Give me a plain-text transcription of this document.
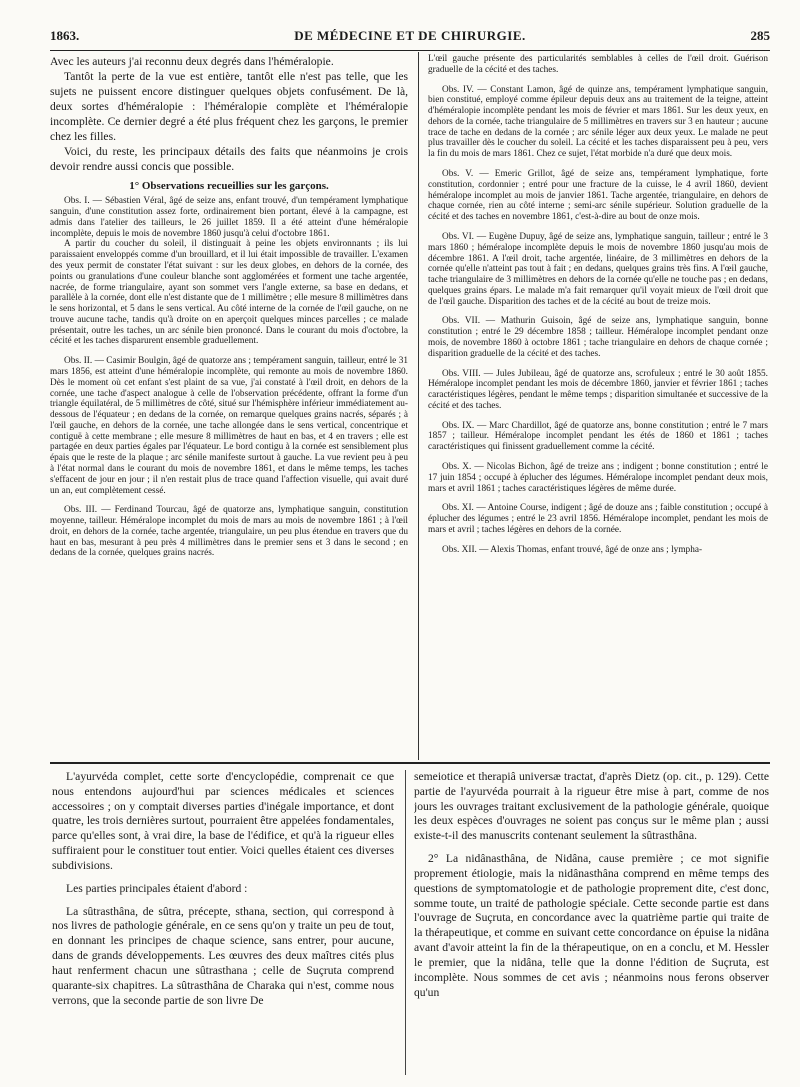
1863.	DE MÉDECINE ET DE CHIRURGIE.	285

Avec les auteurs j'ai reconnu deux degrés dans l'héméralopie.

Tantôt la perte de la vue est entière, tantôt elle n'est pas telle, que les sujets ne puissent encore distinguer quelques objets confusément. De là, deux sortes d'héméralopie : l'héméralopie complète et l'héméralopie incomplète. Ce dernier degré a été plus fréquent chez les garçons, le premier chez les filles.

Voici, du reste, les principaux détails des faits que néanmoins je crois devoir rendre aussi concis que possible.

1° Observations recueillies sur les garçons.

Obs. I. — Sébastien Véral, âgé de seize ans, enfant trouvé, d'un tempérament lymphatique sanguin, d'une constitution assez forte, ordinairement bien portant, élevé à la campagne, est admis dans l'atelier des tailleurs, le 26 juillet 1859. Il a été atteint d'une héméralopie incomplète, depuis le mois de novembre 1860 jusqu'à celui d'octobre 1861.

A partir du coucher du soleil, il distinguait à peine les objets environnants ; ils lui paraissaient enveloppés comme d'un brouillard, et il lui était impossible de travailler. L'examen des yeux permit de constater l'état suivant : sur les deux globes, en dehors de la cornée, des points ou granulations d'une couleur blanche sont agglomérées et forment une tache argentée, nacrée, de forme triangulaire, ayant son sommet vers l'angle externe, sa base en dedans, et parallèle à la cornée, dont elle n'est distante que de 1 millimètre ; elle mesure 8 millimètres dans le sens horizontal, et 5 dans le sens vertical. Au côté interne de la cornée de l'œil gauche, on ne trouve aucune tache, tandis qu'à droite on en aperçoit quelques minces parcelles ; ce malade présentait, outre les taches, un arc sénile bien prononcé. Dans le courant du mois d'octobre, la cécité et les taches disparurent ensemble graduellement.

Obs. II. — Casimir Boulgin, âgé de quatorze ans ; tempérament sanguin, tailleur, entré le 31 mars 1856, est atteint d'une héméralopie incomplète, qui remonte au mois de novembre 1860. Dès le moment où cet enfant s'est plaint de sa vue, j'ai constaté à l'œil droit, en dehors de la cornée, une tache d'aspect analogue à celle de l'observation précédente, offrant la forme d'un triangle équilatéral, de 5 millimètres de côté, situé sur l'hémisphère inférieur immédiatement au-dessous de l'équateur ; en dedans de la cornée, on remarque quelques grains nacrés, séparés ; à l'œil gauche, en dehors de la cornée, une tache allongée dans le sens vertical, concentrique et contiguë à cette membrane ; elle mesure 8 millimètres de haut en bas, et 4 en travers ; elle est partagée en deux parties égales par l'équateur. Le bord contigu à la cornée est sensiblement plus épais que le reste de la plaque ; arc sénile manifeste surtout à gauche. La vue revient peu à peu à l'état normal dans le courant du mois de novembre 1861, et dans le même temps, les taches s'effacent de jour en jour ; il n'en restait plus de trace quand l'affection visuelle, qui avait duré un an, eut complètement cessé.

Obs. III. — Ferdinand Tourcau, âgé de quatorze ans, lymphatique sanguin, constitution moyenne, tailleur. Héméralope incomplet du mois de mars au mois de novembre 1861 ; à l'œil droit, en dehors de la cornée, tache argentée, triangulaire, un peu plus étendue en travers que du haut en bas, mesurant à peu près 4 millimètres dans le premier sens et 3 dans le second ; en dedans de la cornée, quelques grains nacrés.

L'œil gauche présente des particularités semblables à celles de l'œil droit. Guérison graduelle de la cécité et des taches.

Obs. IV. — Constant Lamon, âgé de quinze ans, tempérament lymphatique sanguin, bien constitué, employé comme épileur depuis deux ans au traitement de la teigne, atteint d'héméralopie incomplète pendant les mois de février et mars 1861. Sur les deux yeux, en dehors de la cornée, tache triangulaire de 5 millimètres en travers sur 3 en hauteur ; aucune trace de tache en dedans de la cornée ; arc sénile léger aux deux yeux. Le malade ne peut plus travailler dès le coucher du soleil. La cécité et les taches disparaissent peu à peu, vers la fin du mois de mars 1861. Chez ce sujet, l'état morbide n'a duré que deux mois.

Obs. V. — Emeric Grillot, âgé de seize ans, tempérament lymphatique, forte constitution, cordonnier ; entré pour une fracture de la cuisse, le 4 avril 1860, devient héméralope incomplet au mois de janvier 1861. Tache argentée, triangulaire, en dehors de chaque cornée, rien au côté interne ; semi-arc sénile supérieur. Solution graduelle de la cécité et des taches en novembre 1861, c'est-à-dire au bout de onze mois.

Obs. VI. — Eugène Dupuy, âgé de seize ans, lymphatique sanguin, tailleur ; entré le 3 mars 1860 ; héméralope incomplète depuis le mois de novembre 1860 jusqu'au mois de décembre 1861. A l'œil droit, tache argentée, linéaire, de 3 millimètres en dehors de la cornée qu'elle n'atteint pas tout à fait ; en dedans, quelques grains très fins. A l'œil gauche, tache triangulaire de 3 millimètres en dehors de la cornée qu'elle ne touche pas ; en dedans, quelques grains épars. Le malade m'a fait remarquer qu'il voyait mieux de l'œil droit que de l'œil gauche. Disparition des taches et de la cécité au bout de treize mois.

Obs. VII. — Mathurin Guisoin, âgé de seize ans, lymphatique sanguin, bonne constitution ; entré le 29 décembre 1858 ; tailleur. Héméralope incomplet pendant onze mois, de novembre 1860 à octobre 1861 ; tache triangulaire en dehors de chaque cornée ; disparition graduelle de la cécité et des taches.

Obs. VIII. — Jules Jubileau, âgé de quatorze ans, scrofuleux ; entré le 30 août 1855. Héméralope incomplet pendant les mois de décembre 1860, janvier et février 1861 ; taches caractéristiques légères, pendant le même temps ; disparition simultanée et successive de la cécité et des taches.

Obs. IX. — Marc Chardillot, âgé de quatorze ans, bonne constitution ; entré le 7 mars 1857 ; tailleur. Héméralope incomplet pendant les étés de 1860 et 1861 ; taches caractéristiques qui finissent graduellement comme la cécité.

Obs. X. — Nicolas Bichon, âgé de treize ans ; indigent ; bonne constitution ; entré le 17 juin 1854 ; occupé à éplucher des légumes. Héméralope incomplet pendant deux mois, mars et avril 1861 ; taches caractéristiques légères de même durée.

Obs. XI. — Antoine Course, indigent ; âgé de douze ans ; faible constitution ; occupé à éplucher des légumes ; entré le 23 avril 1856. Héméralope incomplet, pendant les mois de mars et avril ; taches légères en dehors de la cornée.

Obs. XII. — Alexis Thomas, enfant trouvé, âgé de onze ans ; lympha-

L'ayurvéda complet, cette sorte d'encyclopédie, comprenait ce que nous entendons aujourd'hui par sciences médicales et sciences accessoires ; on y comptait diverses parties d'inégale importance, et dont quatre, les trois dernières surtout, pourraient être appelées fondamentales, parce qu'elles sont, à vrai dire, la base de l'édifice, et qu'à la rigueur elles suffiraient pour le constituer tout entier. Voici quelles étaient ces diverses subdivisions.

Les parties principales étaient d'abord :

La sûtrasthâna, de sûtra, précepte, sthana, section, qui correspond à nos livres de pathologie générale, en ce sens qu'on y traite un peu de tout, en donnant les principes de chaque science, sans entrer, pour aucune, dans de grands développements. Les œuvres des deux maîtres cités plus haut renferment chacun une sûtrasthana ; celle de Suçruta comprend quarante-six chapitres. La sûtrasthâna de Charaka qui n'est, comme nous verrons, que la seconde partie de son livre De

semeiotice et therapiâ universæ tractat, d'après Dietz (op. cit., p. 129). Cette partie de l'ayurvéda pourrait à la rigueur être mise à part, comme de nos jours les ouvrages traitant exclusivement de la pathologie générale, quoique les deux espèces d'ouvrages ne soient pas conçus sur le même plan ; aussi existe-t-il des manuscrits contenant seulement la sûtrasthâna.

2° La nidânasthâna, de Nidâna, cause première ; ce mot signifie proprement étiologie, mais la nidânasthâna comprend en même temps des questions de symptomatologie et de pathologie proprement dite, c'est donc, somme toute, un traité de pathologie spéciale. Cette seconde partie est dans l'ouvrage de Suçruta, en concordance avec la quatrième partie qui traite de la thérapeutique, et comme en suivant cette concordance on épuise la nidâna avant d'avoir atteint la fin de la thérapeutique, on en a conclu, et M. Hessler le premier, que la nidâna, telle que la donne l'édition de Suçruta, est incomplète. Nous sommes de cet avis ; néanmoins nous ferons observer qu'un
